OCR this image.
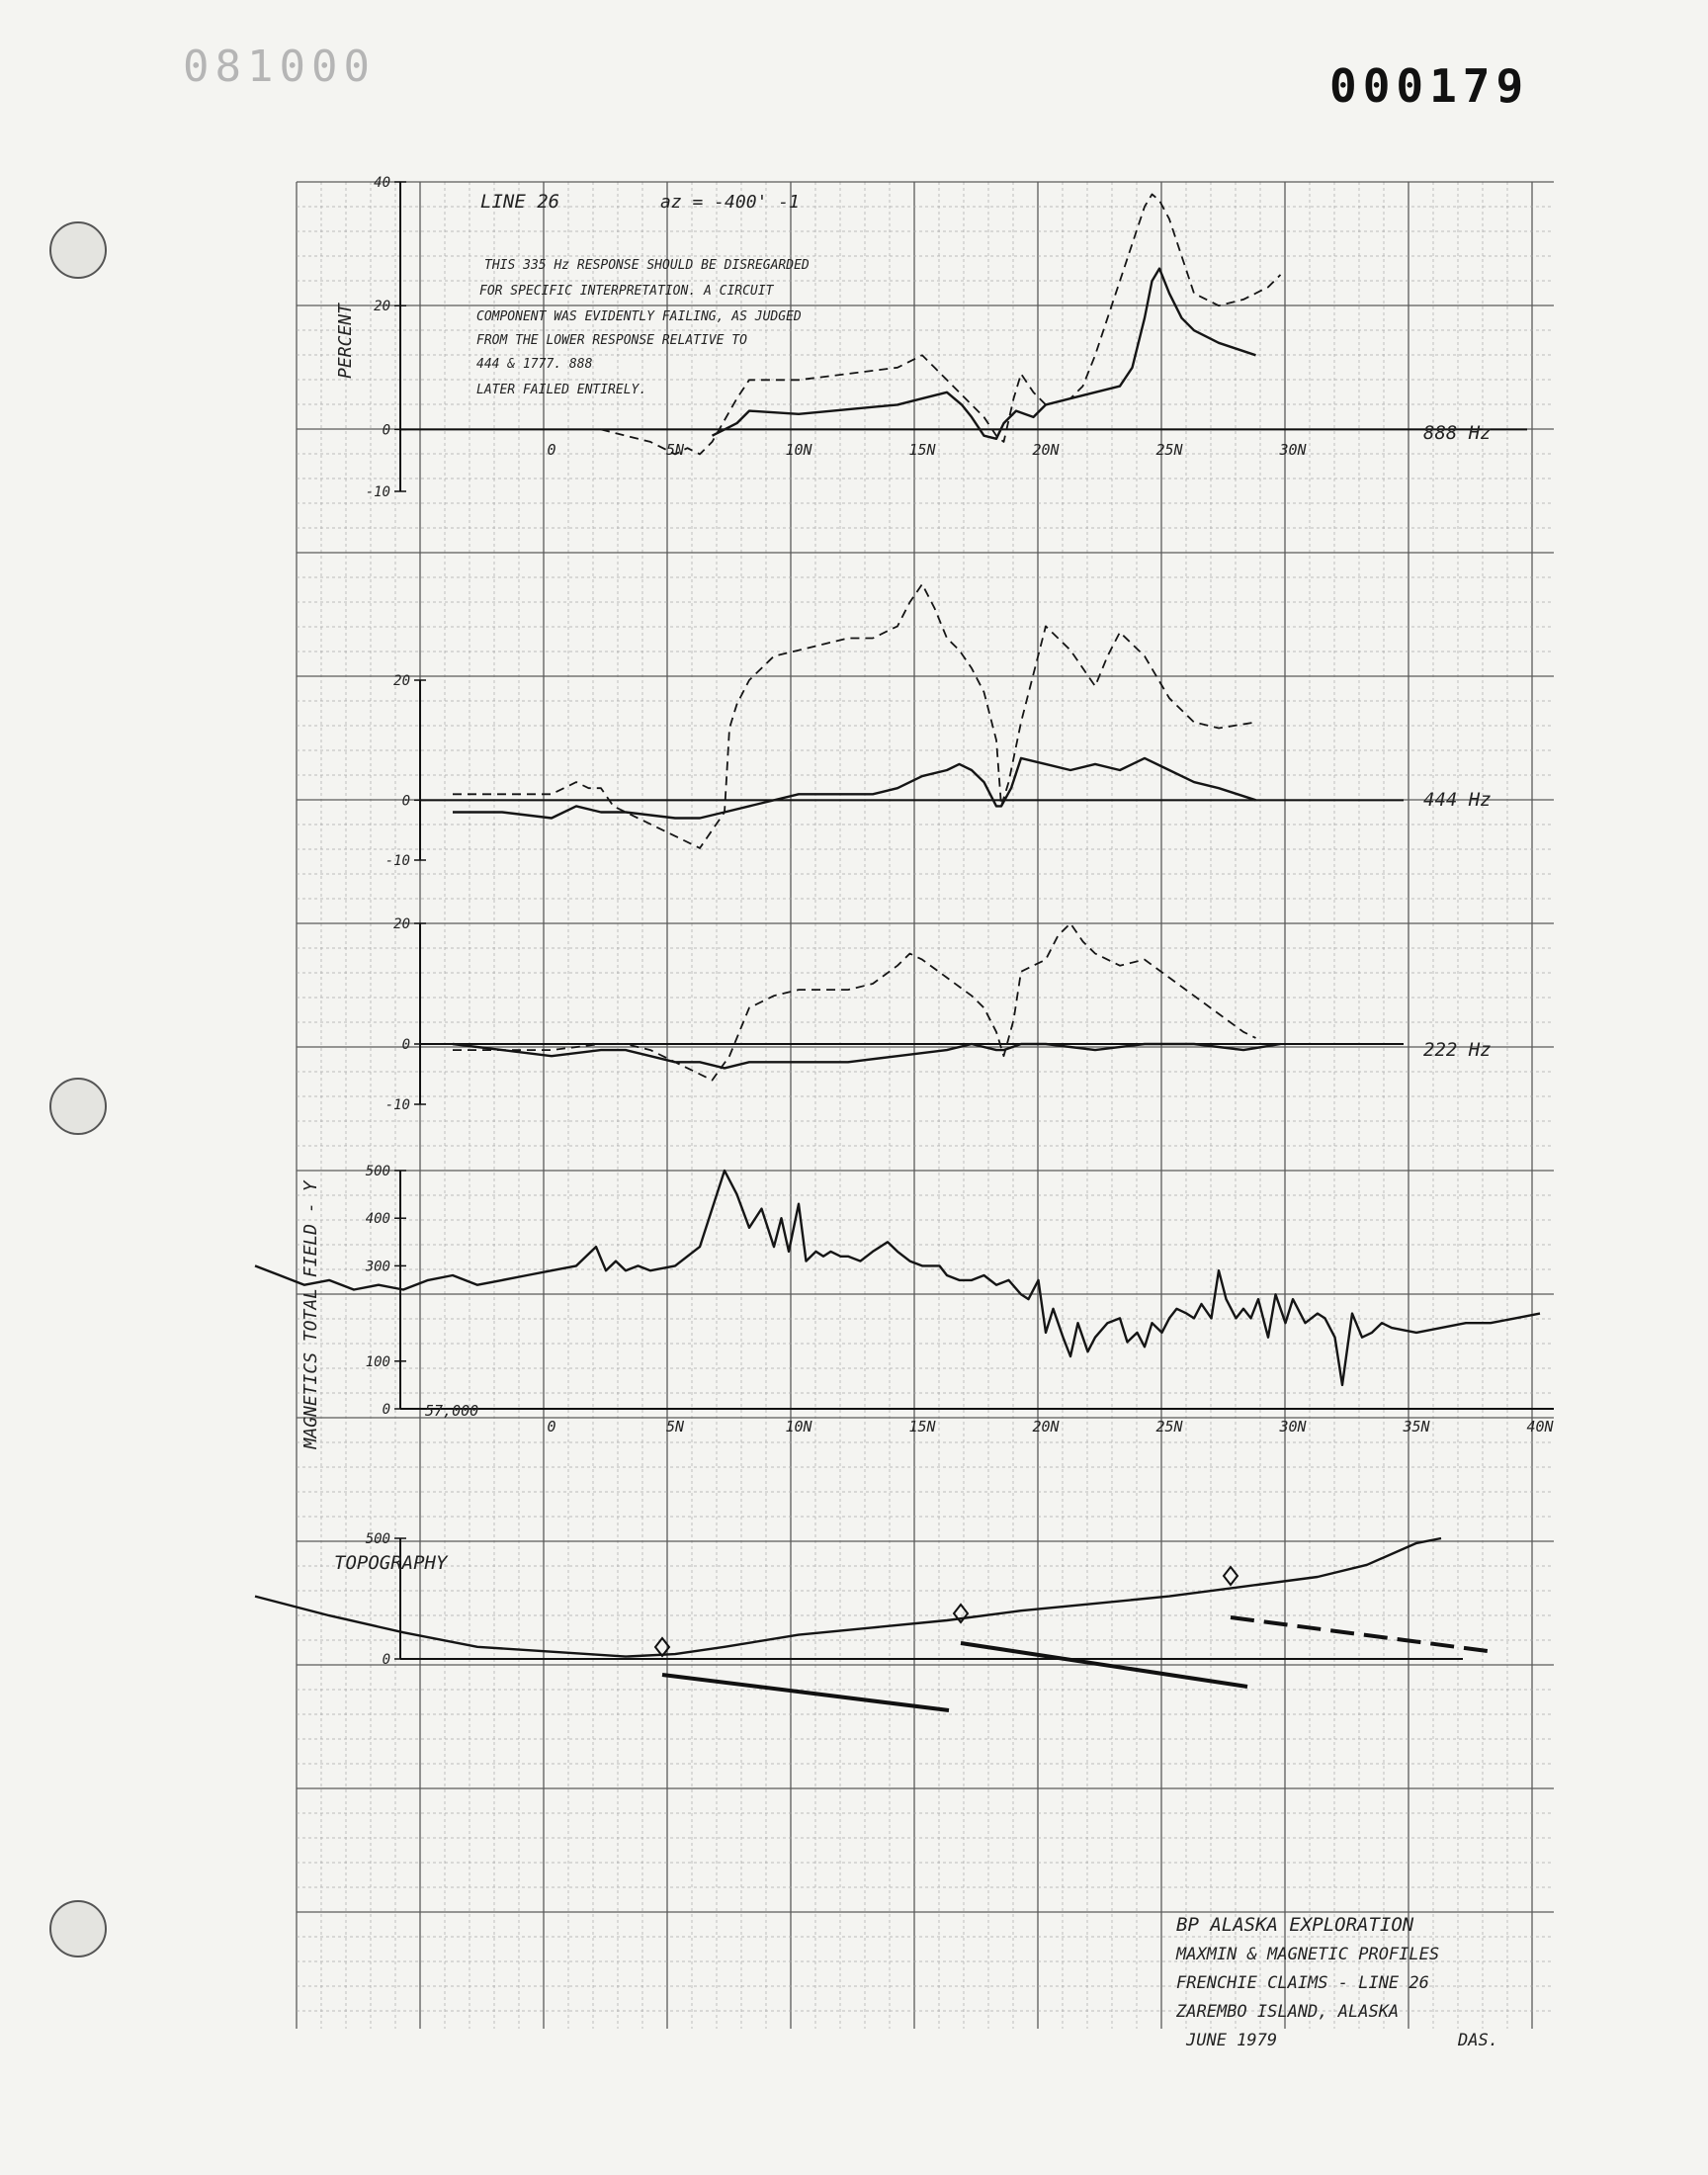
081000	000179
40
20
0
-10
0	5N	10N	15N	20N	25N	30N
888 Hz
PERCENT
20
0
-10
444 Hz
20
0
-10
222 Hz
500
400
300
100
0
0	5N	10N	15N	20N	25N	30N	35N	40N
MAGNETICS TOTAL FIELD - Y	57,000
500
0
TOPOGRAPHY
LINE 26	az = -400' -1
THIS 335 Hz RESPONSE SHOULD BE DISREGARDED
FOR SPECIFIC INTERPRETATION. A CIRCUIT
COMPONENT WAS EVIDENTLY FAILING, AS JUDGED
FROM THE LOWER RESPONSE RELATIVE TO
444 & 1777. 888
LATER FAILED ENTIRELY.
BP ALASKA EXPLORATION
MAXMIN & MAGNETIC PROFILES
FRENCHIE CLAIMS - LINE 26
ZAREMBO ISLAND, ALASKA
JUNE 1979	DAS.
